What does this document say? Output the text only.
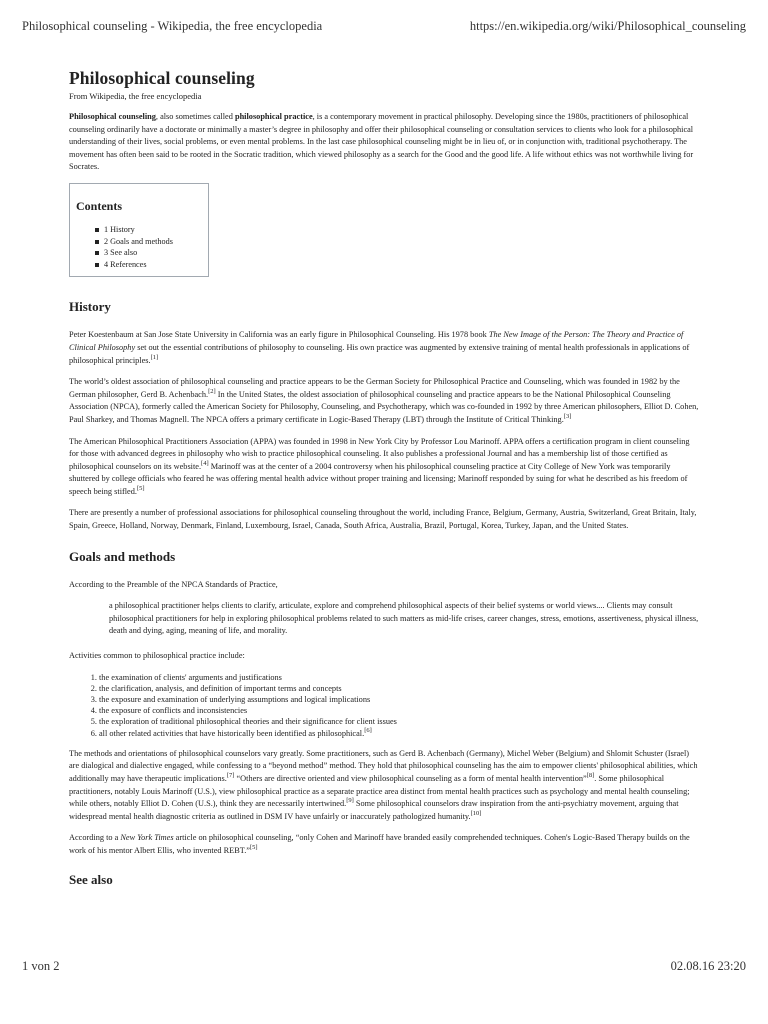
Philosophical counseling - Wikipedia, the free encyclopedia	https://en.wikipedia.org/wiki/Philosophical_counseling
Philosophical counseling
From Wikipedia, the free encyclopedia

Philosophical counseling, also sometimes called philosophical practice, is a contemporary movement in practical philosophy. Developing since the 1980s, practitioners of philosophical counseling ordinarily have a doctorate or minimally a master’s degree in philosophy and offer their philosophical counseling or consultation services to clients who look for a philosophical understanding of their lives, social problems, or even mental problems. In the last case philosophical counseling might be in lieu of, or in conjunction with, traditional psychotherapy. The movement has often been said to be rooted in the Socratic tradition, which viewed philosophy as a search for the Good and the good life. A life without ethics was not worthwhile living for Socrates.

Contents
1 History
2 Goals and methods
3 See also
4 References
History

Peter Koestenbaum at San Jose State University in California was an early figure in Philosophical Counseling. His 1978 book The New Image of the Person: The Theory and Practice of Clinical Philosophy set out the essential contributions of philosophy to counseling. His own practice was augmented by extensive training of mental health professionals in applications of philosophical principles.[1]

The world’s oldest association of philosophical counseling and practice appears to be the German Society for Philosophical Practice and Counseling, which was founded in 1982 by the German philosopher, Gerd B. Achenbach.[2] In the United States, the oldest association of philosophical counseling and practice appears to be the National Philosophical Counseling Association (NPCA), formerly called the American Society for Philosophy, Counseling, and Psychotherapy, which was co-founded in 1992 by three American philosophers, Elliot D. Cohen, Paul Sharkey, and Thomas Magnell. The NPCA offers a primary certificate in Logic-Based Therapy (LBT) through the Institute of Critical Thinking.[3]

The American Philosophical Practitioners Association (APPA) was founded in 1998 in New York City by Professor Lou Marinoff. APPA offers a certification program in client counseling for those with advanced degrees in philosophy who wish to practice philosophical counseling. It also publishes a professional Journal and has a membership list of those certified as philosophical counselors on its website.[4] Marinoff was at the center of a 2004 controversy when his philosophical counseling practice at City College of New York was temporarily shuttered by college officials who feared he was offering mental health advice without proper training and licensing; Marinoff responded by suing for what he described as his freedom of speech being stifled.[5]

There are presently a number of professional associations for philosophical counseling throughout the world, including France, Belgium, Germany, Austria, Switzerland, Great Britain, Italy, Spain, Greece, Holland, Norway, Denmark, Finland, Luxembourg, Israel, Canada, South Africa, Australia, Brazil, Portugal, Korea, Turkey, Japan, and the United States.

Goals and methods

According to the Preamble of the NPCA Standards of Practice,

a philosophical practitioner helps clients to clarify, articulate, explore and comprehend philosophical aspects of their belief systems or world views.... Clients may consult philosophical practitioners for help in exploring philosophical problems related to such matters as mid-life crises, career changes, stress, emotions, assertiveness, physical illness, death and dying, aging, meaning of life, and morality.

Activities common to philosophical practice include:

1. the examination of clients' arguments and justifications
2. the clarification, analysis, and definition of important terms and concepts
3. the exposure and examination of underlying assumptions and logical implications
4. the exposure of conflicts and inconsistencies
5. the exploration of traditional philosophical theories and their significance for client issues
6. all other related activities that have historically been identified as philosophical.[6]

The methods and orientations of philosophical counselors vary greatly. Some practitioners, such as Gerd B. Achenbach (Germany), Michel Weber (Belgium) and Shlomit Schuster (Israel) are dialogical and dialective engaged, while confessing to a “beyond method” method. They hold that philosophical counseling has the aim to empower clients' philosophical abilities, which additionally may have therapeutic implications.[7] “Others are directive oriented and view philosophical counseling as a form of mental health intervention”[8]. Some philosophical practitioners, notably Louis Marinoff (U.S.), view philosophical practice as a separate practice area distinct from mental health practices such as psychology and mental health counseling; while others, notably Elliot D. Cohen (U.S.), think they are necessarily intertwined.[9] Some philosophical counselors draw inspiration from the anti-psychiatry movement, arguing that widespread mental health diagnostic criteria as outlined in DSM IV have unfairly or inaccurately pathologized humanity.[10]

According to a New York Times article on philosophical counseling, “only Cohen and Marinoff have branded easily comprehended techniques. Cohen's Logic-Based Therapy builds on the work of his mentor Albert Ellis, who invented REBT.”[5]

See also
1 von 2	02.08.16 23:20
